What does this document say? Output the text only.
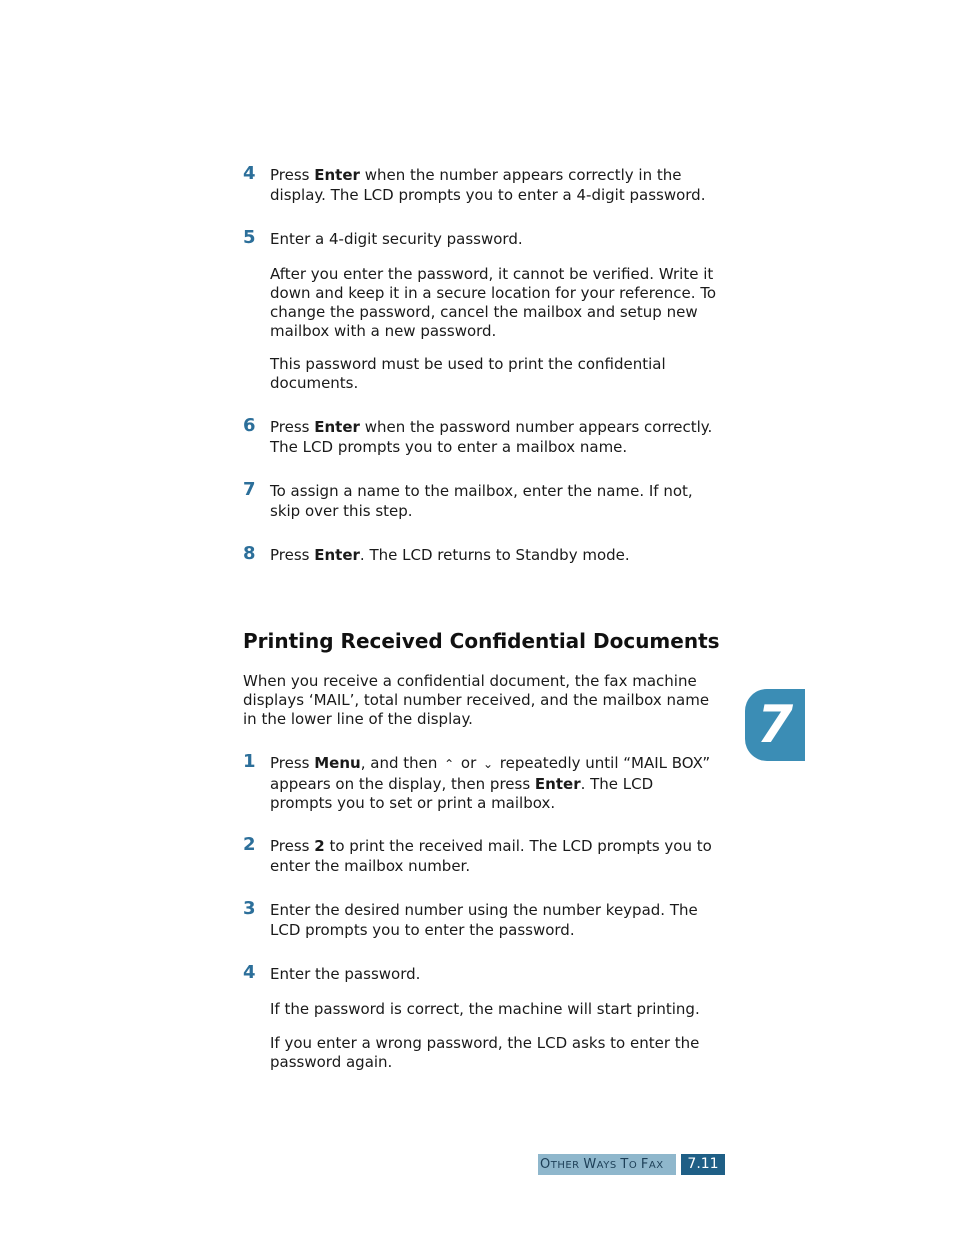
4 Press Enter when the number appears correctly in the display. The LCD prompts you to enter a 4-digit password.
5 Enter a 4-digit security password.
After you enter the password, it cannot be verified. Write it down and keep it in a secure location for your reference. To change the password, cancel the mailbox and setup new mailbox with a new password.
This password must be used to print the confidential documents.
6 Press Enter when the password number appears correctly. The LCD prompts you to enter a mailbox name.
7 To assign a name to the mailbox, enter the name. If not, skip over this step.
8 Press Enter. The LCD returns to Standby mode.
Printing Received Confidential Documents
When you receive a confidential document, the fax machine displays ‘MAIL’, total number received, and the mailbox name in the lower line of the display.	7
1 Press Menu, and then ⌃ or ⌄ repeatedly until “MAIL BOX” appears on the display, then press Enter. The LCD prompts you to set or print a mailbox.
2 Press 2 to print the received mail. The LCD prompts you to enter the mailbox number.
3 Enter the desired number using the number keypad. The LCD prompts you to enter the password.
4 Enter the password.
If the password is correct, the machine will start printing.
If you enter a wrong password, the LCD asks to enter the password again.
OTHER WAYS TO FAX	7.11
